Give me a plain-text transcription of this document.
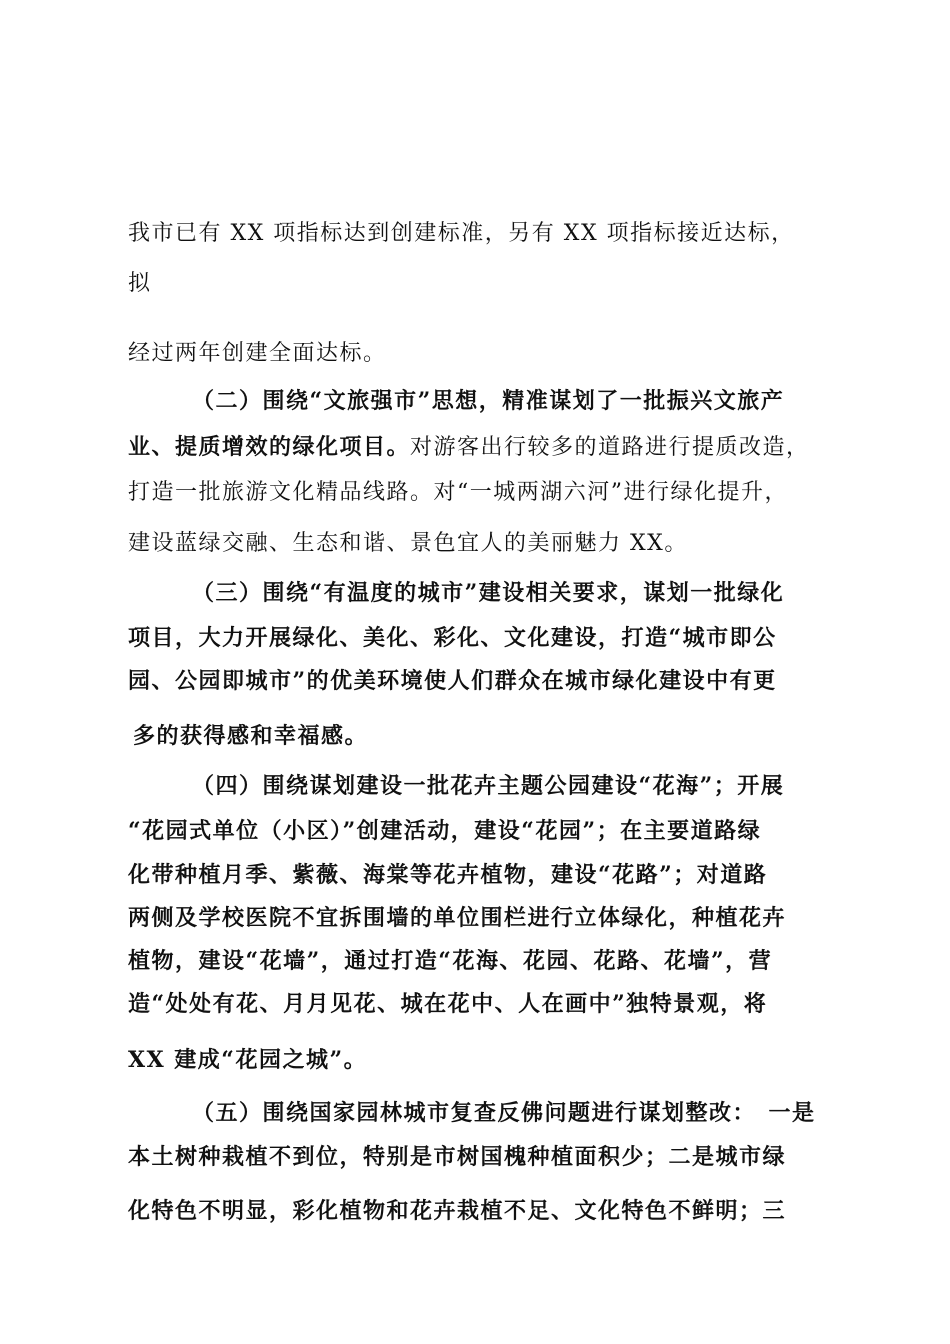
我市已有 XX 项指标达到创建标准，另有 XX 项指标接近达标，
拟
经过两年创建全面达标。
（二）围绕“文旅强市”思想，精准谋划了一批振兴文旅产
业、提质增效的绿化项目。对游客出行较多的道路进行提质改造，
打造一批旅游文化精品线路。对“一城两湖六河”进行绿化提升，
建设蓝绿交融、生态和谐、景色宜人的美丽魅力 XX。
（三）围绕“有温度的城市”建设相关要求，谋划一批绿化
项目，大力开展绿化、美化、彩化、文化建设，打造“城市即公
园、公园即城市”的优美环境使人们群众在城市绿化建设中有更
多的获得感和幸福感。
（四）围绕谋划建设一批花卉主题公园建设“花海”；开展
“花园式单位（小区）”创建活动，建设“花园”；在主要道路绿
化带种植月季、紫薇、海棠等花卉植物，建设“花路”；对道路
两侧及学校医院不宜拆围墙的单位围栏进行立体绿化，种植花卉
植物，建设“花墙”，通过打造“花海、花园、花路、花墙”，营
造“处处有花、月月见花、城在花中、人在画中”独特景观，将
XX 建成“花园之城”。
（五）围绕国家园林城市复查反佛问题进行谋划整改：　一是
本土树种栽植不到位，特别是市树国槐种植面积少；二是城市绿
化特色不明显，彩化植物和花卉栽植不足、文化特色不鲜明；三
